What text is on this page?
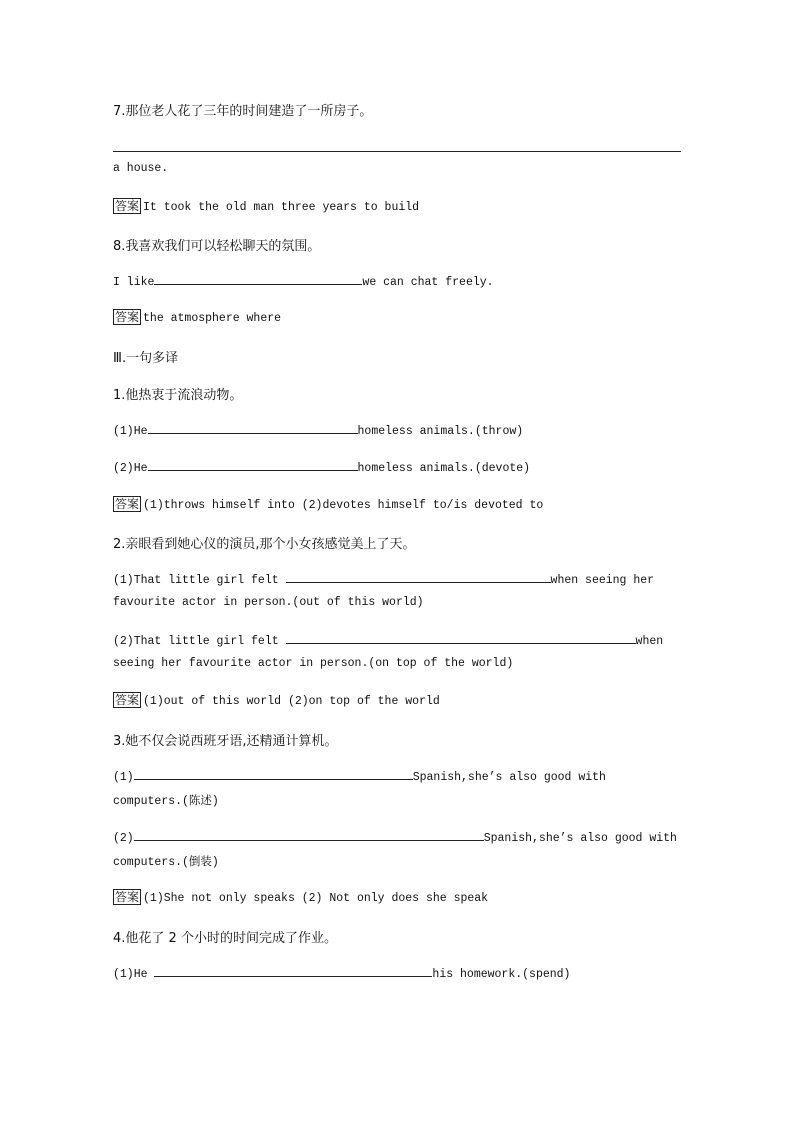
7.那位老人花了三年的时间建造了一所房子。
a house.
答案 It took the old man three years to build
8.我喜欢我们可以轻松聊天的氛围。
I like	we can chat freely.
答案 the atmosphere where
Ⅲ.一句多译
1.他热衷于流浪动物。
(1)He	homeless animals.(throw)
(2)He	homeless animals.(devote)
答案 (1)throws himself into (2)devotes himself to/is devoted to
2.亲眼看到她心仪的演员,那个小女孩感觉美上了天。
(1)That little girl felt	when seeing her
favourite actor in person.(out of this world)
(2)That little girl felt	when
seeing her favourite actor in person.(on top of the world)
答案 (1)out of this world (2)on top of the world
3.她不仅会说西班牙语,还精通计算机。
(1)	Spanish,she’s also good with
computers.(陈述)
(2)	Spanish,she’s also good with
computers.(倒装)
答案 (1)She not only speaks (2) Not only does she speak
4.他花了 2 个小时的时间完成了作业。
(1)He	his homework.(spend)
